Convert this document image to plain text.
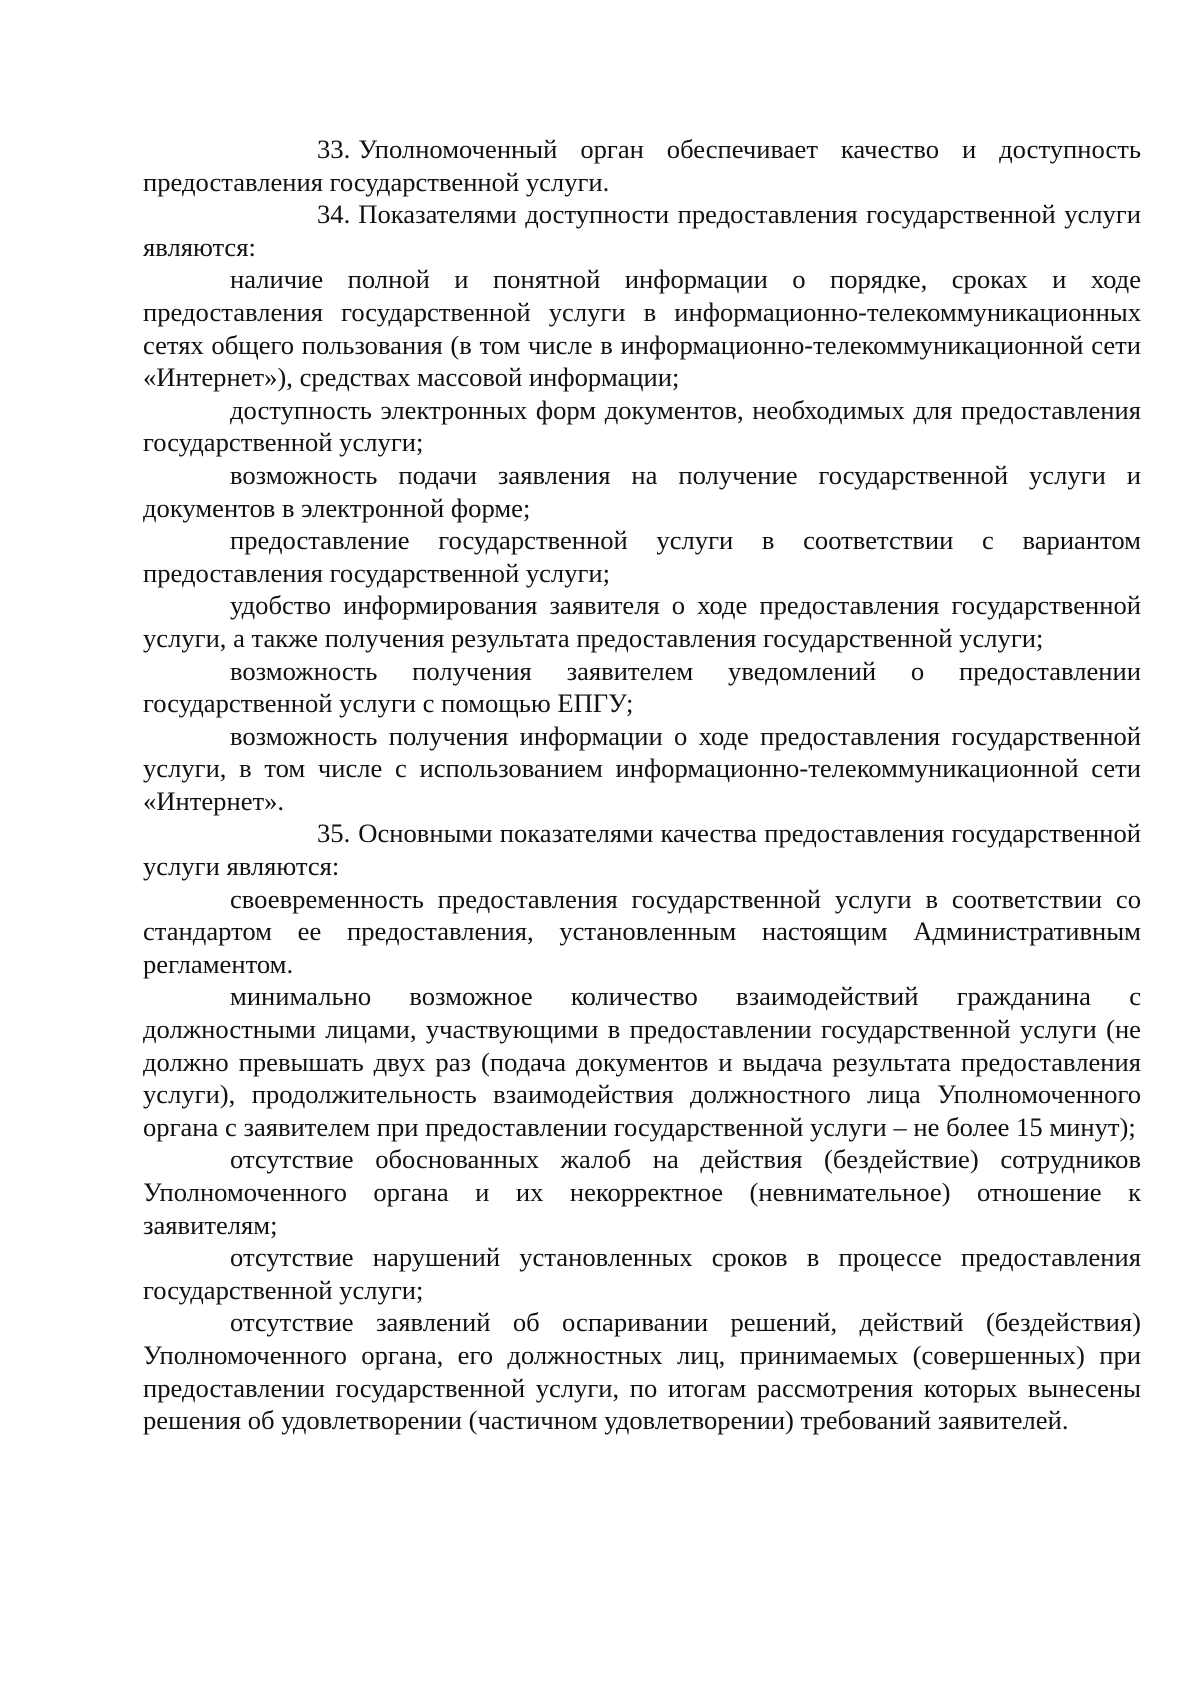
33. Уполномоченный орган обеспечивает качество и доступность предоставления государственной услуги.

34. Показателями доступности предоставления государственной услуги являются:

наличие полной и понятной информации о порядке, сроках и ходе предоставления государственной услуги в информационно-телекоммуникационных сетях общего пользования (в том числе в информационно-телекоммуникационной сети «Интернет»), средствах массовой информации;

доступность электронных форм документов, необходимых для предоставления государственной услуги;

возможность подачи заявления на получение государственной услуги и документов в электронной форме;

предоставление государственной услуги в соответствии с вариантом предоставления государственной услуги;

удобство информирования заявителя о ходе предоставления государственной услуги, а также получения результата предоставления государственной услуги;

возможность получения заявителем уведомлений о предоставлении государственной услуги с помощью ЕПГУ;

возможность получения информации о ходе предоставления государственной услуги, в том числе с использованием информационно-телекоммуникационной сети «Интернет».

35. Основными показателями качества предоставления государственной услуги являются:

своевременность предоставления государственной услуги в соответствии со стандартом ее предоставления, установленным настоящим Административным регламентом.

минимально возможное количество взаимодействий гражданина с должностными лицами, участвующими в предоставлении государственной услуги (не должно превышать двух раз (подача документов и выдача результата предоставления услуги), продолжительность взаимодействия должностного лица Уполномоченного органа с заявителем при предоставлении государственной услуги – не более 15 минут);

отсутствие обоснованных жалоб на действия (бездействие) сотрудников Уполномоченного органа и их некорректное (невнимательное) отношение к заявителям;

отсутствие нарушений установленных сроков в процессе предоставления государственной услуги;

отсутствие заявлений об оспаривании решений, действий (бездействия) Уполномоченного органа, его должностных лиц, принимаемых (совершенных) при предоставлении государственной услуги, по итогам рассмотрения которых вынесены решения об удовлетворении (частичном удовлетворении) требований заявителей.
